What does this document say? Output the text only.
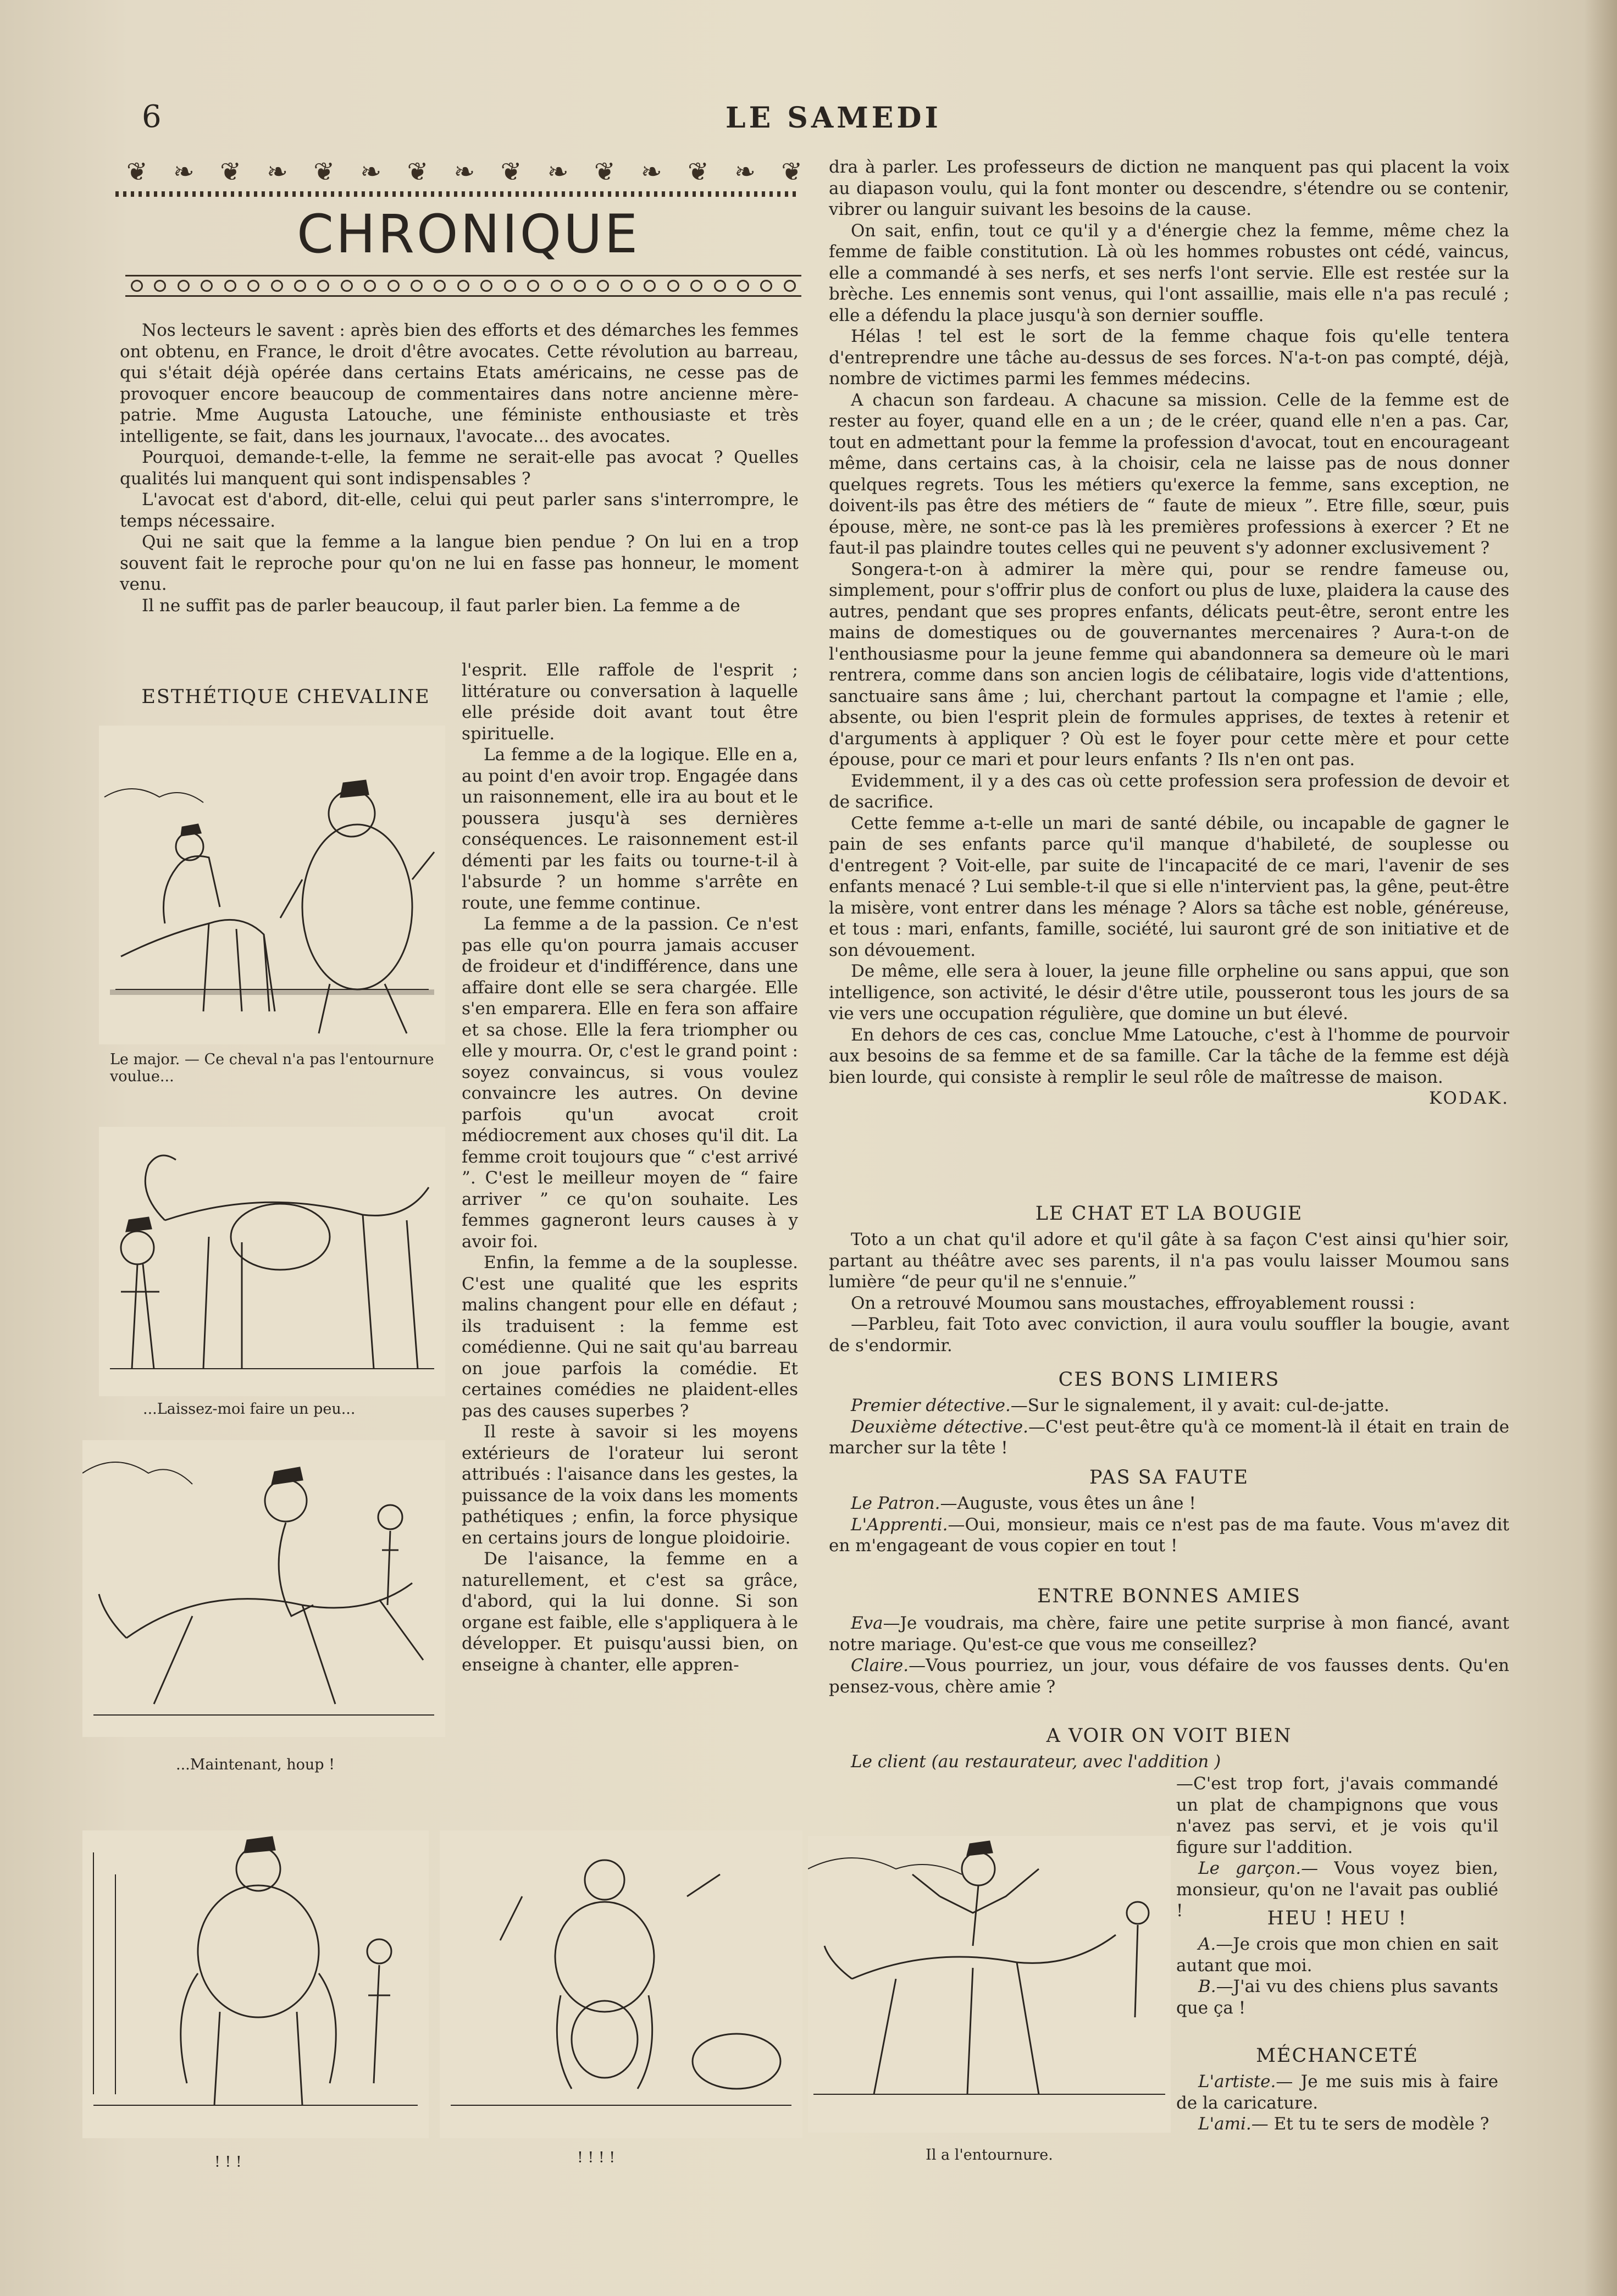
6	LE SAMEDI
❦ ❧ ❦ ❧ ❦ ❧ ❦ ❧ ❦ ❧ ❦ ❧ ❦ ❧ ❦
CHRONIQUE

Nos lecteurs le savent : après bien des efforts et des démarches les femmes ont obtenu, en France, le droit d'être avocates. Cette révolution au barreau, qui s'était déjà opérée dans certains Etats américains, ne cesse pas de provoquer encore beaucoup de commentaires dans notre ancienne mère-patrie. Mme Augusta Latouche, une féministe enthousiaste et très intelligente, se fait, dans les journaux, l'avocate... des avocates.

Pourquoi, demande-t-elle, la femme ne serait-elle pas avocat ? Quelles qualités lui manquent qui sont indispensables ?

L'avocat est d'abord, dit-elle, celui qui peut parler sans s'interrompre, le temps nécessaire.

Qui ne sait que la femme a la langue bien pendue ? On lui en a trop souvent fait le reproche pour qu'on ne lui en fasse pas honneur, le moment venu.

Il ne suffit pas de parler beaucoup, il faut parler bien. La femme a de

ESTHÉTIQUE CHEVALINE
Le major. — Ce cheval n'a pas l'entournure voulue...
...Laissez-moi faire un peu...
...Maintenant, houp !

l'esprit. Elle raffole de l'esprit ; littérature ou conversation à laquelle elle préside doit avant tout être spirituelle.

La femme a de la logique. Elle en a, au point d'en avoir trop. Engagée dans un raisonnement, elle ira au bout et le poussera jusqu'à ses dernières conséquences. Le raisonnement est-il démenti par les faits ou tourne-t-il à l'absurde ? un homme s'arrête en route, une femme continue.

La femme a de la passion. Ce n'est pas elle qu'on pourra jamais accuser de froideur et d'indifférence, dans une affaire dont elle se sera chargée. Elle s'en emparera. Elle en fera son affaire et sa chose. Elle la fera triompher ou elle y mourra. Or, c'est le grand point : soyez convaincus, si vous voulez convaincre les autres. On devine parfois qu'un avocat croit médiocrement aux choses qu'il dit. La femme croit toujours que “ c'est arrivé ”. C'est le meilleur moyen de “ faire arriver ” ce qu'on souhaite. Les femmes gagneront leurs causes à y avoir foi.

Enfin, la femme a de la souplesse. C'est une qualité que les esprits malins changent pour elle en défaut ; ils traduisent : la femme est comédienne. Qui ne sait qu'au barreau on joue parfois la comédie. Et certaines comédies ne plaident-elles pas des causes superbes ?

Il reste à savoir si les moyens extérieurs de l'orateur lui seront attribués : l'aisance dans les gestes, la puissance de la voix dans les moments pathétiques ; enfin, la force physique en certains jours de longue ploidoirie.

De l'aisance, la femme en a naturellement, et c'est sa grâce, d'abord, qui la lui donne. Si son organe est faible, elle s'appliquera à le développer. Et puisqu'aussi bien, on enseigne à chanter, elle appren-

dra à parler. Les professeurs de diction ne manquent pas qui placent la voix au diapason voulu, qui la font monter ou descendre, s'étendre ou se contenir, vibrer ou languir suivant les besoins de la cause.

On sait, enfin, tout ce qu'il y a d'énergie chez la femme, même chez la femme de faible constitution. Là où les hommes robustes ont cédé, vaincus, elle a commandé à ses nerfs, et ses nerfs l'ont servie. Elle est restée sur la brèche. Les ennemis sont venus, qui l'ont assaillie, mais elle n'a pas reculé ; elle a défendu la place jusqu'à son dernier souffle.

Hélas ! tel est le sort de la femme chaque fois qu'elle tentera d'entreprendre une tâche au-dessus de ses forces. N'a-t-on pas compté, déjà, nombre de victimes parmi les femmes médecins.

A chacun son fardeau. A chacune sa mission. Celle de la femme est de rester au foyer, quand elle en a un ; de le créer, quand elle n'en a pas. Car, tout en admettant pour la femme la profession d'avocat, tout en encourageant même, dans certains cas, à la choisir, cela ne laisse pas de nous donner quelques regrets. Tous les métiers qu'exerce la femme, sans exception, ne doivent-ils pas être des métiers de “ faute de mieux ”. Etre fille, sœur, puis épouse, mère, ne sont-ce pas là les premières professions à exercer ? Et ne faut-il pas plaindre toutes celles qui ne peuvent s'y adonner exclusivement ?

Songera-t-on à admirer la mère qui, pour se rendre fameuse ou, simplement, pour s'offrir plus de confort ou plus de luxe, plaidera la cause des autres, pendant que ses propres enfants, délicats peut-être, seront entre les mains de domestiques ou de gouvernantes mercenaires ? Aura-t-on de l'enthousiasme pour la jeune femme qui abandonnera sa demeure où le mari rentrera, comme dans son ancien logis de célibataire, logis vide d'attentions, sanctuaire sans âme ; lui, cherchant partout la compagne et l'amie ; elle, absente, ou bien l'esprit plein de formules apprises, de textes à retenir et d'arguments à appliquer ? Où est le foyer pour cette mère et pour cette épouse, pour ce mari et pour leurs enfants ? Ils n'en ont pas.

Evidemment, il y a des cas où cette profession sera profession de devoir et de sacrifice.

Cette femme a-t-elle un mari de santé débile, ou incapable de gagner le pain de ses enfants parce qu'il manque d'habileté, de souplesse ou d'entregent ? Voit-elle, par suite de l'incapacité de ce mari, l'avenir de ses enfants menacé ? Lui semble-t-il que si elle n'intervient pas, la gêne, peut-être la misère, vont entrer dans les ménage ? Alors sa tâche est noble, généreuse, et tous : mari, enfants, famille, société, lui sauront gré de son initiative et de son dévouement.

De même, elle sera à louer, la jeune fille orpheline ou sans appui, que son intelligence, son activité, le désir d'être utile, pousseront tous les jours de sa vie vers une occupation régulière, que domine un but élevé.

En dehors de ces cas, conclue Mme Latouche, c'est à l'homme de pourvoir aux besoins de sa femme et de sa famille. Car la tâche de la femme est déjà bien lourde, qui consiste à remplir le seul rôle de maîtresse de maison.

KODAK.

LE CHAT ET LA BOUGIE

Toto a un chat qu'il adore et qu'il gâte à sa façon C'est ainsi qu'hier soir, partant au théâtre avec ses parents, il n'a pas voulu laisser Moumou sans lumière “de peur qu'il ne s'ennuie.”

On a retrouvé Moumou sans moustaches, effroyablement roussi :

—Parbleu, fait Toto avec conviction, il aura voulu souffler la bougie, avant de s'endormir.

CES BONS LIMIERS

Premier détective.—Sur le signalement, il y avait: cul-de-jatte.

Deuxième détective.—C'est peut-être qu'à ce moment-là il était en train de marcher sur la tête !

PAS SA FAUTE

Le Patron.—Auguste, vous êtes un âne !

L'Apprenti.—Oui, monsieur, mais ce n'est pas de ma faute. Vous m'avez dit en m'engageant de vous copier en tout !

ENTRE BONNES AMIES

Eva—Je voudrais, ma chère, faire une petite surprise à mon fiancé, avant notre mariage. Qu'est-ce que vous me conseillez?

Claire.—Vous pourriez, un jour, vous défaire de vos fausses dents. Qu'en pensez-vous, chère amie ?

A VOIR ON VOIT BIEN

Le client (au restaurateur, avec l'addition )

—C'est trop fort, j'avais commandé un plat de champignons que vous n'avez pas servi, et je vois qu'il figure sur l'addition.

Le garçon.— Vous voyez bien, monsieur, qu'on ne l'avait pas oublié !	HEU ! HEU !

A.—Je crois que mon chien en sait autant que moi.

B.—J'ai vu des chiens plus savants que ça !

MÉCHANCETÉ

L'artiste.— Je me suis mis à faire de la caricature.

L'ami.— Et tu te sers de modèle ?

! ! !	! ! ! !	Il a l'entournure.
